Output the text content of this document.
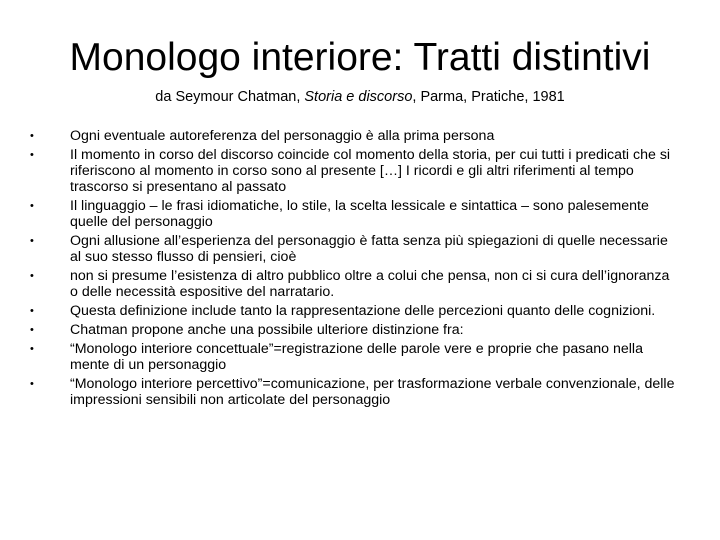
Monologo interiore: Tratti distintivi

da Seymour Chatman, Storia e discorso, Parma, Pratiche, 1981

•	Ogni eventuale autoreferenza del personaggio è alla prima persona
•	Il momento in corso del discorso coincide col momento della storia, per cui tutti i predicati che si riferiscono al momento in corso sono al presente […] I ricordi e gli altri riferimenti al tempo trascorso si presentano al passato
•	Il linguaggio – le frasi idiomatiche, lo stile, la scelta lessicale e sintattica – sono palesemente quelle del personaggio
•	Ogni allusione all’esperienza del personaggio è fatta senza più spiegazioni di quelle necessarie al suo stesso flusso di pensieri, cioè
•	non si presume l’esistenza di altro pubblico oltre a colui che pensa, non ci si cura dell’ignoranza o delle necessità espositive del narratario.
•	Questa definizione include tanto la rappresentazione delle percezioni quanto delle cognizioni.
•	Chatman propone anche una possibile ulteriore distinzione fra:
•	“Monologo interiore concettuale”=registrazione delle parole vere e proprie che pasano nella mente di un personaggio
•	“Monologo interiore percettivo”=comunicazione, per trasformazione verbale convenzionale, delle impressioni sensibili non articolate del personaggio
